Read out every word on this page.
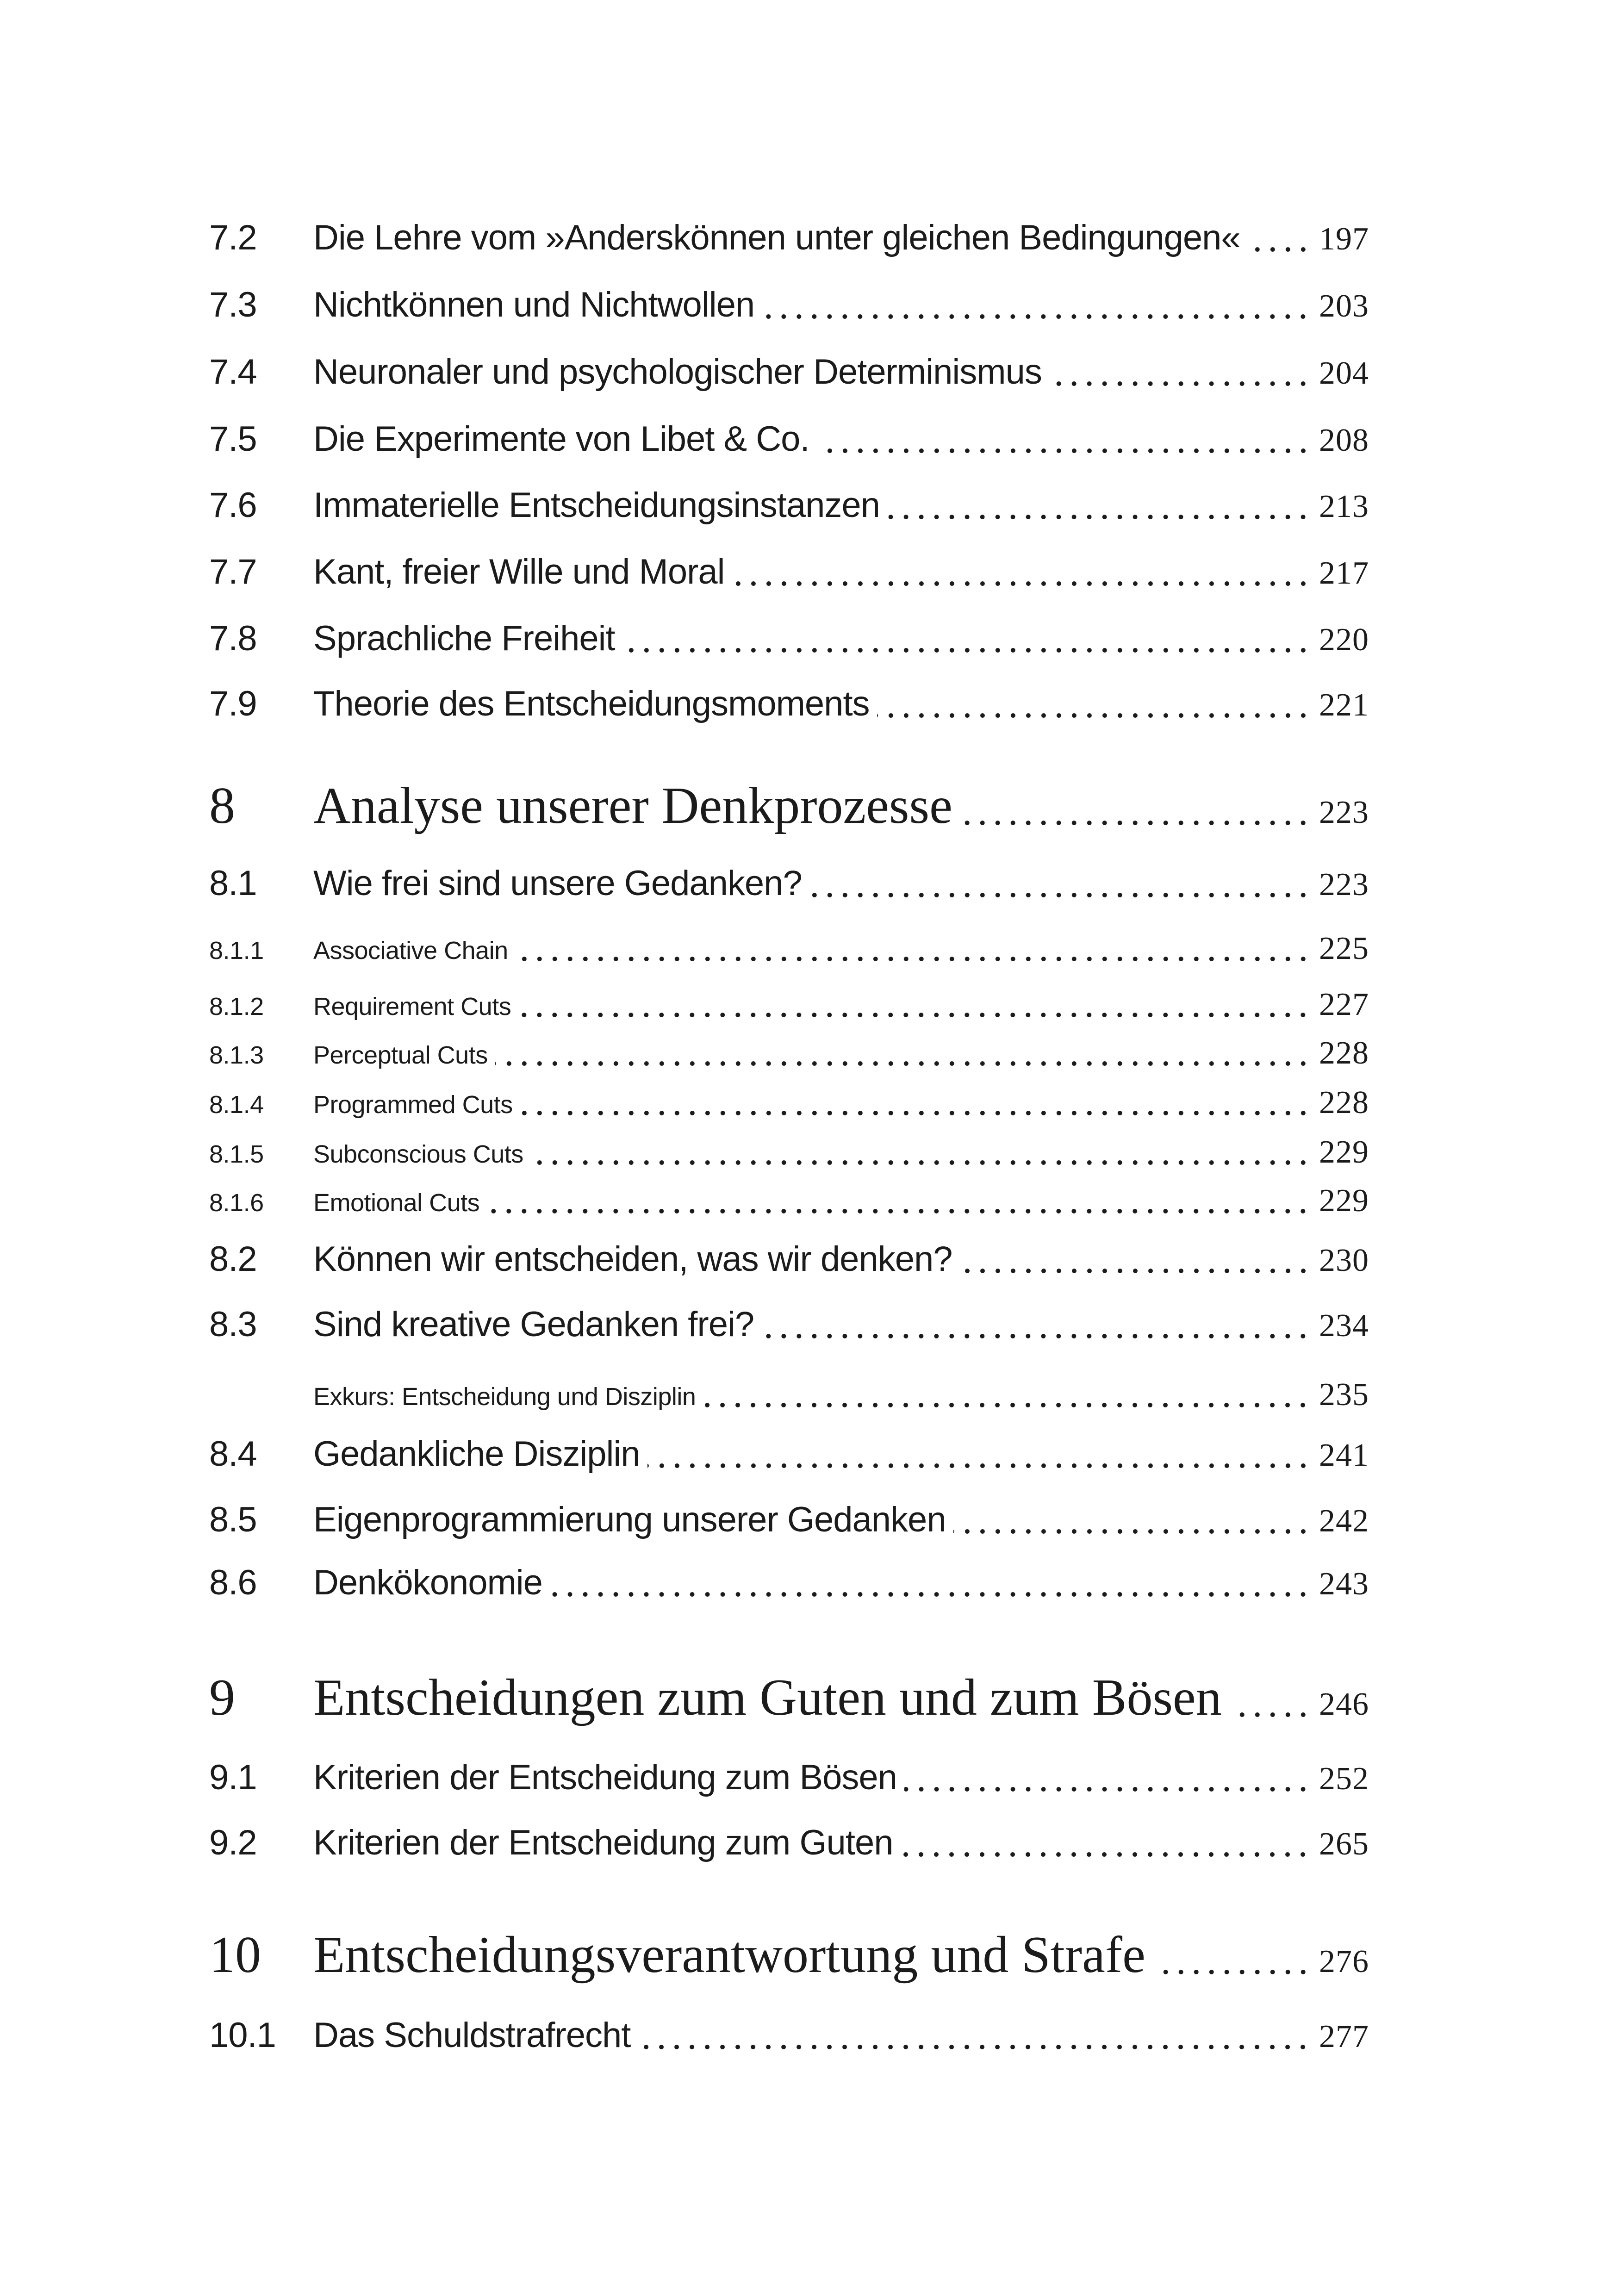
7.2	Die Lehre vom »Anderskönnen unter gleichen Bedingungen« 197
7.3	Nichtkönnen und Nichtwollen	203
7.4	Neuronaler und psychologischer Determinismus	204
7.5	Die Experimente von Libet & Co.	208
7.6	Immaterielle Entscheidungsinstanzen	213
7.7	Kant, freier Wille und Moral	217
7.8	Sprachliche Freiheit	220
7.9	Theorie des Entscheidungsmoments	221
8	Analyse unserer Denkprozesse	223
8.1	Wie frei sind unsere Gedanken?	223
8.1.1	Associative Chain	225
8.1.2	Requirement Cuts	227
8.1.3	Perceptual Cuts	228
8.1.4	Programmed Cuts	228
8.1.5	Subconscious Cuts	229
8.1.6	Emotional Cuts	229
8.2	Können wir entscheiden, was wir denken?	230
8.3	Sind kreative Gedanken frei?	234
Exkurs: Entscheidung und Disziplin	235
8.4	Gedankliche Disziplin	241
8.5	Eigenprogrammierung unserer Gedanken	242
8.6	Denkökonomie	243
9	Entscheidungen zum Guten und zum Bösen	246
9.1	Kriterien der Entscheidung zum Bösen	252
9.2	Kriterien der Entscheidung zum Guten	265
10	Entscheidungsverantwortung und Strafe	276
10.1	Das Schuldstrafrecht	277
